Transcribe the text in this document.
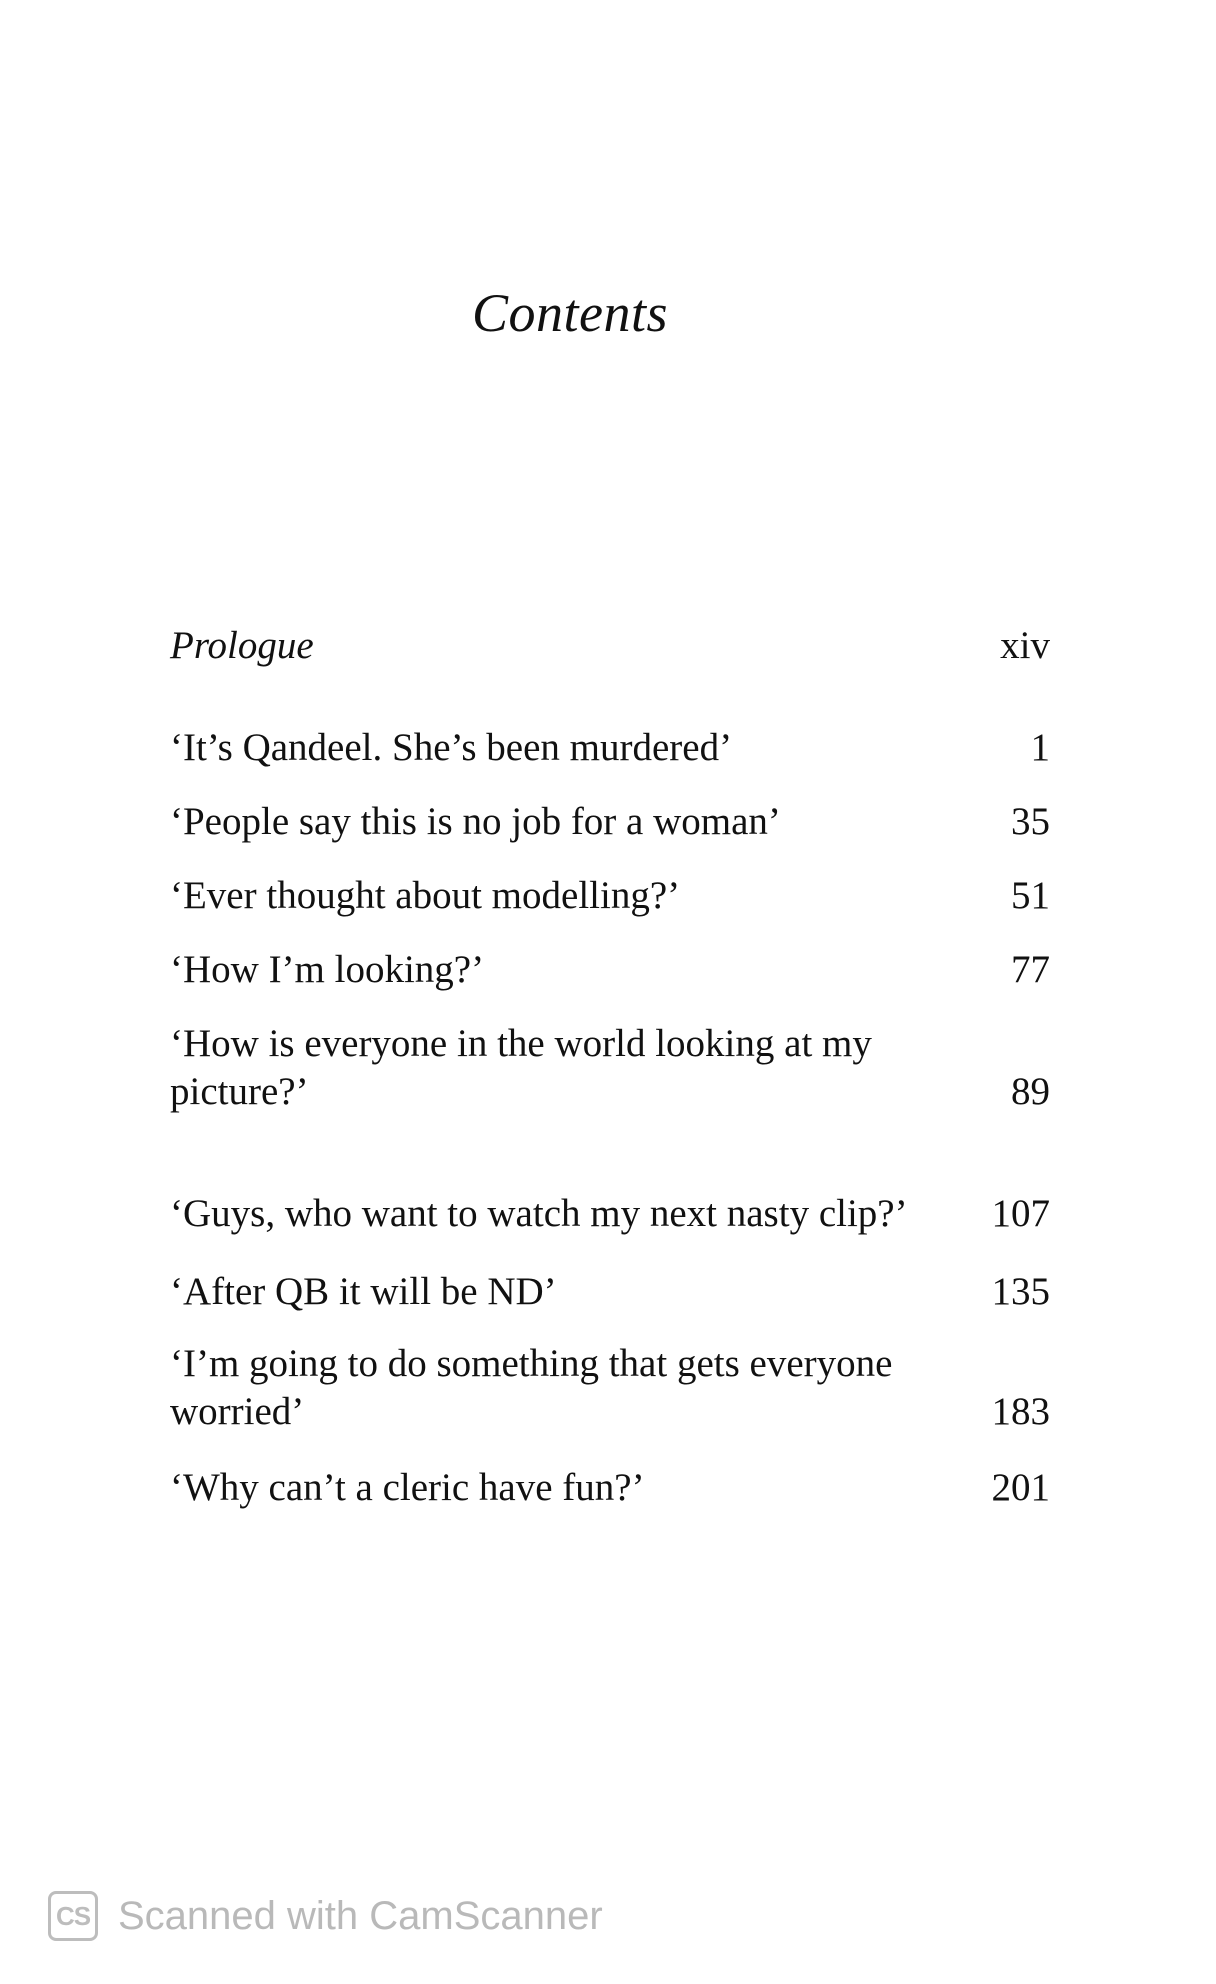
Contents
Prologue	xiv
‘It’s Qandeel. She’s been murdered’	1
‘People say this is no job for a woman’	35
‘Ever thought about modelling?’	51
‘How I’m looking?’	77
‘How is everyone in the world looking at my picture?’	89
‘Guys, who want to watch my next nasty clip?’	107
‘After QB it will be ND’	135
‘I’m going to do something that gets everyone worried’	183
‘Why can’t a cleric have fun?’	201
CS Scanned with CamScanner
